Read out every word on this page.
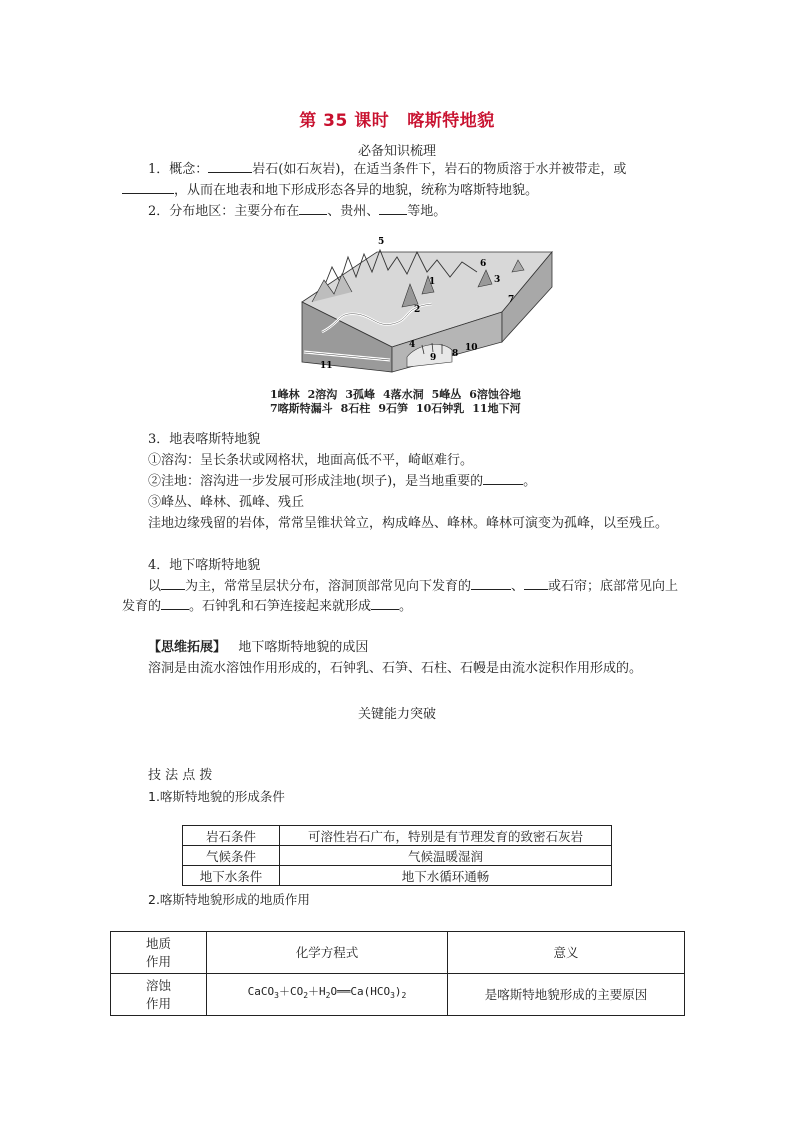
第 35 课时 喀斯特地貌
必备知识梳理
1．概念：	岩石(如石灰岩)，在适当条件下，岩石的物质溶于水并被带走，或
，从而在地表和地下形成形态各异的地貌，统称为喀斯特地貌。
2．分布地区：主要分布在 、贵州、 等地。
5
6
3
1
7
2
4	10
8
9
11
1峰林 2溶沟 3孤峰 4落水洞 5峰丛 6溶蚀谷地
7喀斯特漏斗 8石柱 9石笋 10石钟乳 11地下河
3．地表喀斯特地貌
①溶沟：呈长条状或网格状，地面高低不平，崎岖难行。
②洼地：溶沟进一步发展可形成洼地(坝子)，是当地重要的	。
③峰丛、峰林、孤峰、残丘
洼地边缘残留的岩体，常常呈锥状耸立，构成峰丛、峰林。峰林可演变为孤峰，以至残丘。
4．地下喀斯特地貌
以 为主，常常呈层状分布，溶洞顶部常见向下发育的	、 或石帘；底部常见向上发育的 。石钟乳和石笋连接起来就形成 。
【思维拓展】 地下喀斯特地貌的成因
溶洞是由流水溶蚀作用形成的，石钟乳、石笋、石柱、石幔是由流水淀积作用形成的。
关键能力突破
技 法 点 拨
1.喀斯特地貌的形成条件
岩石条件	可溶性岩石广布，特别是有节理发育的致密石灰岩
气候条件	气候温暖湿润
地下水条件	地下水循环通畅
2.喀斯特地貌形成的地质作用
地质
作用	化学方程式	意义
溶蚀
作用	$CaCO_3+CO_2+H_2O══Ca(HCO_3)_2$	是喀斯特地貌形成的主要原因
